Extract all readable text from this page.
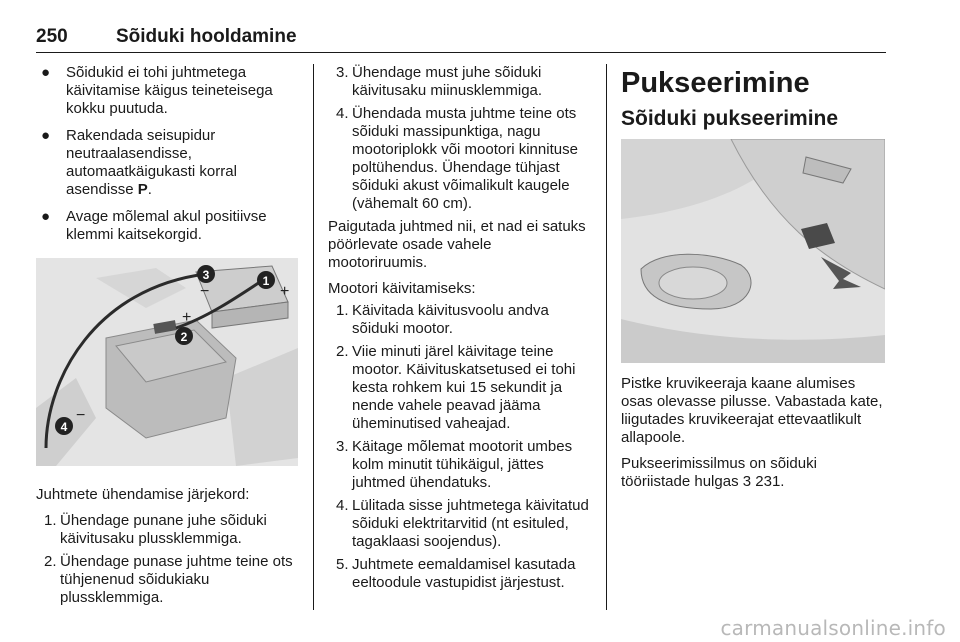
250	Sõiduki hooldamine
● Sõidukid ei tohi juhtmetega käivitamise käigus teineteisega kokku puutuda.
● Rakendada seisupidur neutraalasendisse, automaatkäigukasti korral asendisse P.
● Avage mõlemal akul positiivse klemmi kaitsekorgid.
1
+
2
+
3
−
4
−
Juhtmete ühendamise järjekord:
1. Ühendage punane juhe sõiduki käivitusaku plussklemmiga.
2. Ühendage punase juhtme teine ots tühjenenud sõidukiaku plussklemmiga.
3. Ühendage must juhe sõiduki käivitusaku miinusklemmiga.
4. Ühendada musta juhtme teine ots sõiduki massipunktiga, nagu mootoriplokk või mootori kinnituse poltühendus. Ühendage tühjast sõiduki akust võimalikult kaugele (vähemalt 60 cm).
Paigutada juhtmed nii, et nad ei satuks pöörlevate osade vahele mootoriruumis.
Mootori käivitamiseks:
1. Käivitada käivitusvoolu andva sõiduki mootor.
2. Viie minuti järel käivitage teine mootor. Käivituskatsetused ei tohi kesta rohkem kui 15 sekundit ja nende vahele peavad jääma üheminutised vaheajad.
3. Käitage mõlemat mootorit umbes kolm minutit tühikäigul, jättes juhtmed ühendatuks.
4. Lülitada sisse juhtmetega käivitatud sõiduki elektritarvitid (nt esituled, tagaklaasi soojendus).
5. Juhtmete eemaldamisel kasutada eeltoodule vastupidist järjestust.
Pukseerimine
Sõiduki pukseerimine
Pistke kruvikeeraja kaane alumises osas olevasse pilusse. Vabastada kate, liigutades kruvikeerajat ettevaatlikult allapoole.
Pukseerimissilmus on sõiduki tööriistade hulgas 3 231.
carmanualsonline.info
